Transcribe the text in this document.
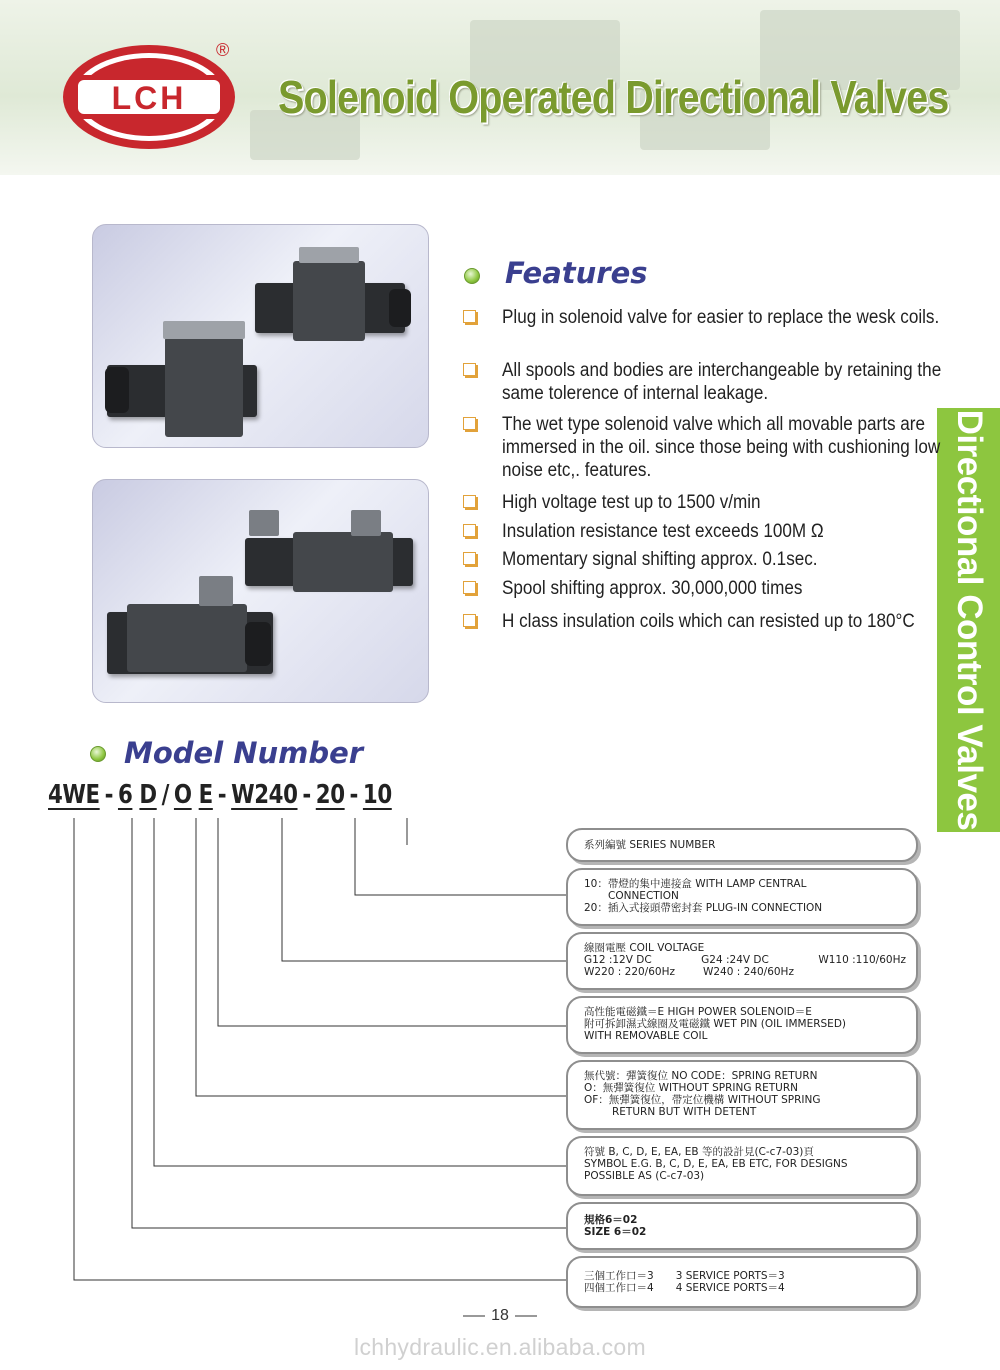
LCH
®
Solenoid Operated Directional Valves
Directional Control Valves
Features
Plug in solenoid valve for easier to replace the wesk coils.
All spools and bodies are interchangeable by retaining the same tolerence of internal leakage.
The wet type solenoid valve which all movable parts are immersed in the oil. since those being with cushioning low noise etc,. features.
High voltage test up to 1500 v/min
Insulation resistance test exceeds 100M Ω
Momentary signal shifting approx. 0.1sec.
Spool shifting approx. 30,000,000 times
H class insulation coils which can resisted up to 180°C
Model Number
4WE - 6 D / O E - W240 - 20 - 10
系列編號 SERIES NUMBER
10：帶燈的集中連接盒 WITH LAMP CENTRAL
CONNECTION
20：插入式接頭帶密封套 PLUG-IN CONNECTION
線圈電壓 COIL VOLTAGE
G12 :12V DC	G24 :24V DC	W110 :110/60Hz
W220 : 220/60Hz	W240 : 240/60Hz
高性能電磁鐵＝E HIGH POWER SOLENOID＝E
附可拆卸濕式線圈及電磁鐵 WET PIN (OIL IMMERSED)
WITH REMOVABLE COIL
無代號：彈簧復位 NO CODE：SPRING RETURN
O：無彈簧復位 WITHOUT SPRING RETURN
OF：無彈簧復位，帶定位機構 WITHOUT SPRING
RETURN BUT WITH DETENT
符號 B, C, D, E, EA, EB 等的設計見(C-c7-03)頁
SYMBOL E.G. B, C, D, E, EA, EB ETC, FOR DESIGNS
POSSIBLE AS (C-c7-03)
規格6＝02
SIZE 6＝02
三個工作口＝3 3 SERVICE PORTS＝3
四個工作口＝4 4 SERVICE PORTS＝4
18
lchhydraulic.en.alibaba.com
